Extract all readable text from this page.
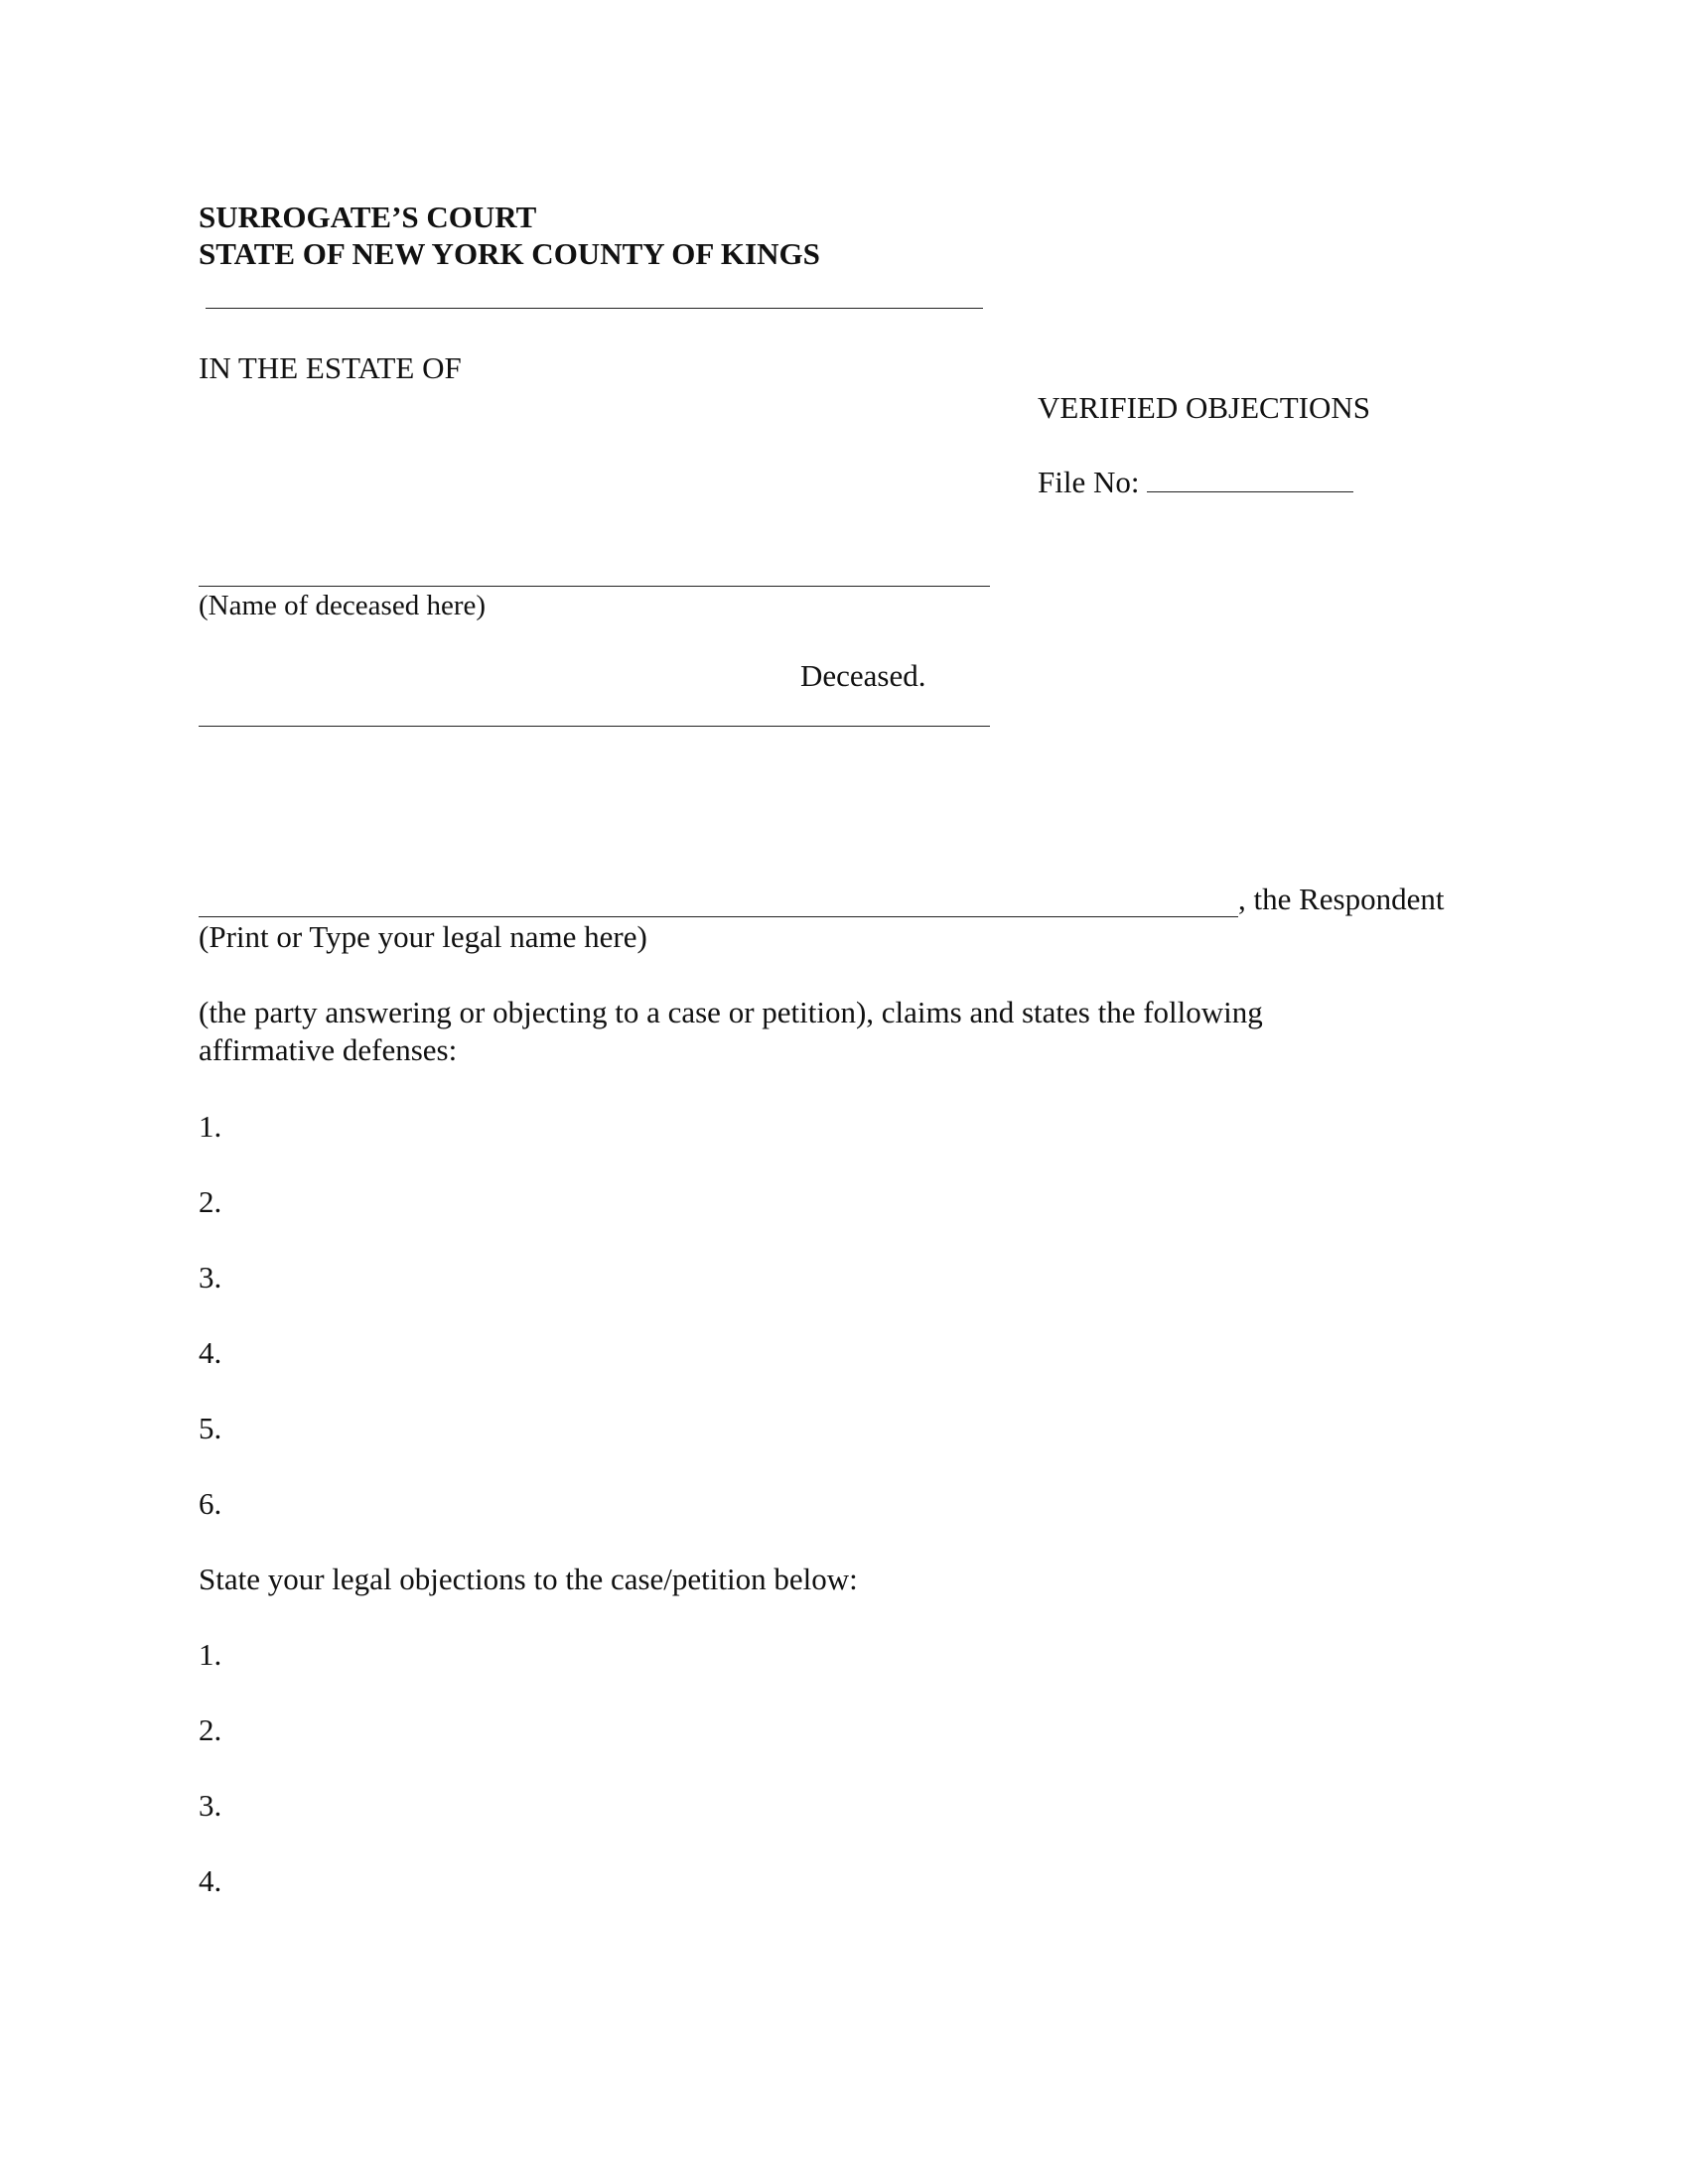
SURROGATE’S COURT

STATE OF NEW YORK COUNTY OF KINGS

IN THE ESTATE OF

VERIFIED OBJECTIONS

File No:

(Name of deceased here)

Deceased.

, the Respondent

(Print or Type your legal name here)

(the party answering or objecting to a case or petition), claims and states the following

affirmative defenses:

1.
2.
3.
4.
5.
6.

State your legal objections to the case/petition below:

1.
2.
3.
4.
